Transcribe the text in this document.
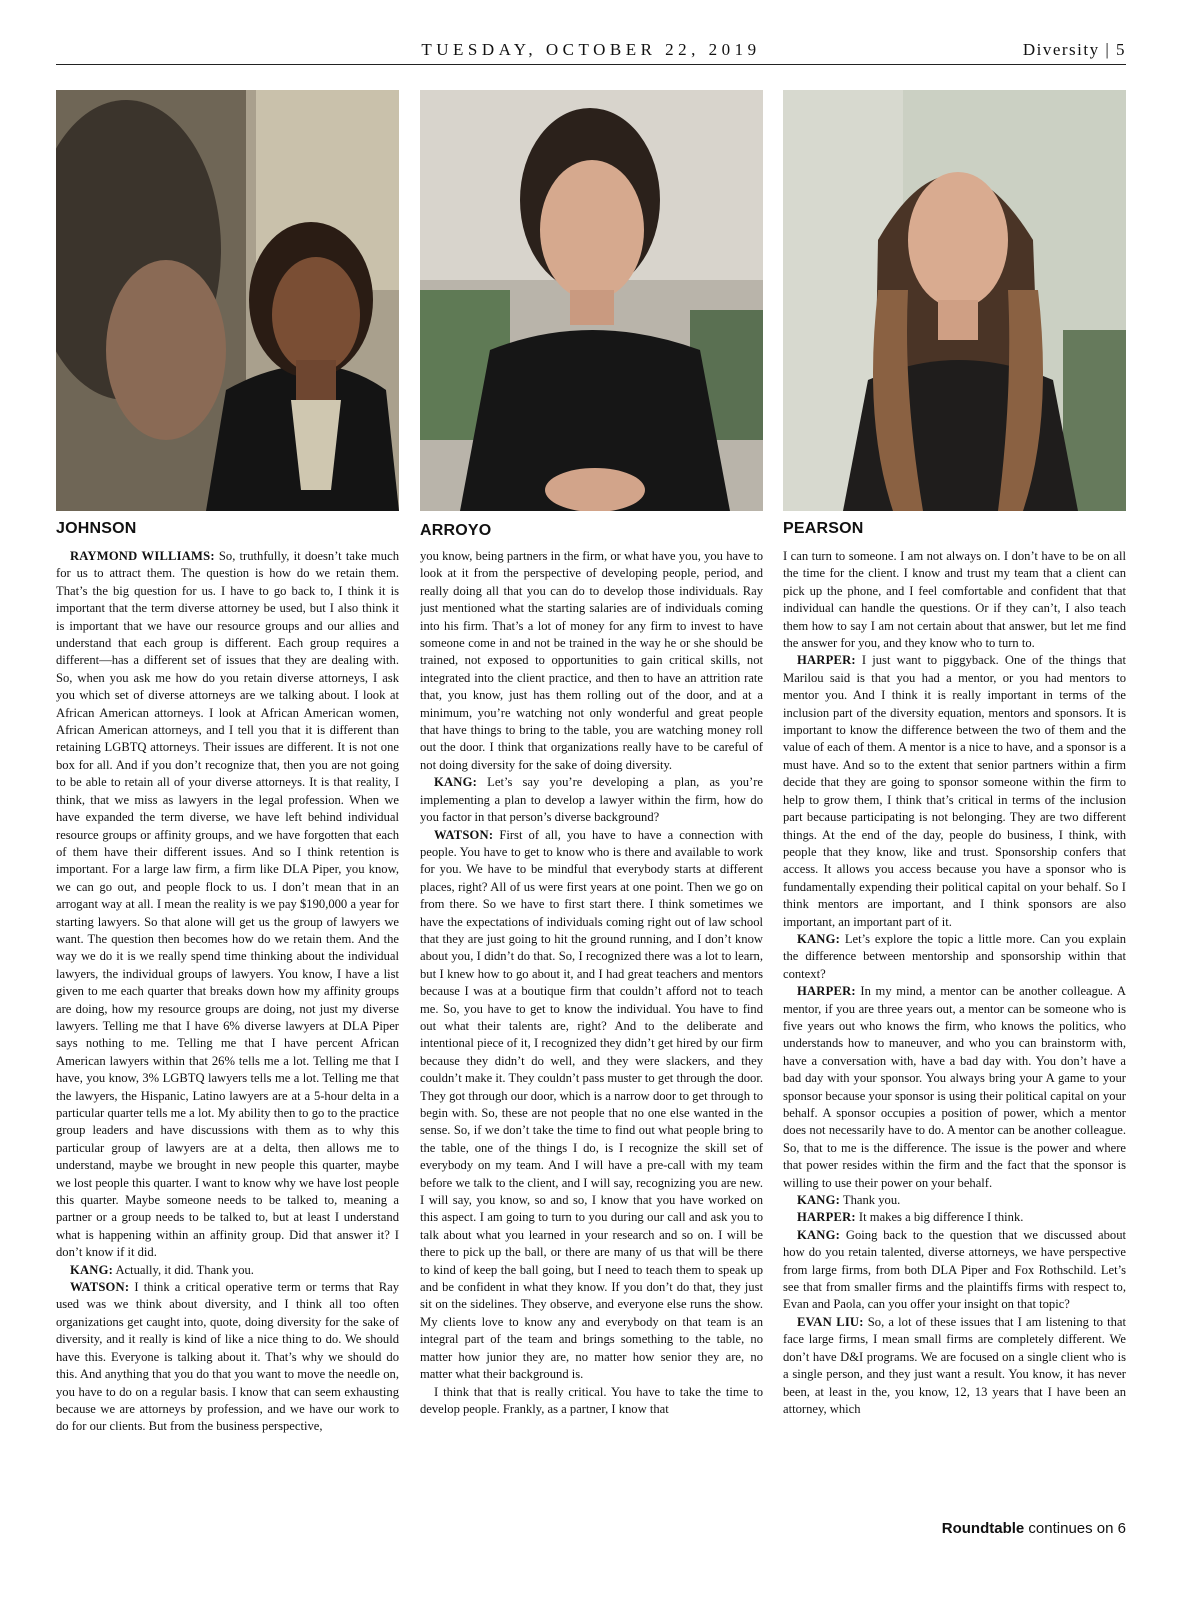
TUESDAY, OCTOBER 22, 2019	Diversity | 5
JOHNSON	ARROYO	PEARSON

RAYMOND WILLIAMS: So, truthfully, it doesn’t take much for us to attract them. The question is how do we retain them. That’s the big question for us. I have to go back to, I think it is important that the term diverse attorney be used, but I also think it is important that we have our resource groups and our allies and understand that each group is different. Each group requires a different—has a different set of issues that they are dealing with. So, when you ask me how do you retain diverse attorneys, I ask you which set of diverse attorneys are we talking about. I look at African American attorneys. I look at African American women, African American attorneys, and I tell you that it is different than retaining LGBTQ attorneys. Their issues are different. It is not one box for all. And if you don’t recognize that, then you are not going to be able to retain all of your diverse attorneys. It is that reality, I think, that we miss as lawyers in the legal profession. When we have expanded the term diverse, we have left behind individual resource groups or affinity groups, and we have forgotten that each of them have their different issues. And so I think retention is important. For a large law firm, a firm like DLA Piper, you know, we can go out, and people flock to us. I don’t mean that in an arrogant way at all. I mean the reality is we pay $190,000 a year for starting lawyers. So that alone will get us the group of lawyers we want. The question then becomes how do we retain them. And the way we do it is we really spend time thinking about the individual lawyers, the individual groups of lawyers. You know, I have a list given to me each quarter that breaks down how my affinity groups are doing, how my resource groups are doing, not just my diverse lawyers. Telling me that I have 6% diverse lawyers at DLA Piper says nothing to me. Telling me that I have percent African American lawyers within that 26% tells me a lot. Telling me that I have, you know, 3% LGBTQ lawyers tells me a lot. Telling me that the lawyers, the Hispanic, Latino lawyers are at a 5-hour delta in a particular quarter tells me a lot. My ability then to go to the practice group leaders and have discussions with them as to why this particular group of lawyers are at a delta, then allows me to understand, maybe we brought in new people this quarter, maybe we lost people this quarter. I want to know why we have lost people this quarter. Maybe someone needs to be talked to, meaning a partner or a group needs to be talked to, but at least I understand what is happening within an affinity group. Did that answer it? I don’t know if it did.

KANG: Actually, it did. Thank you.

WATSON: I think a critical operative term or terms that Ray used was we think about diversity, and I think all too often organizations get caught into, quote, doing diversity for the sake of diversity, and it really is kind of like a nice thing to do. We should have this. Everyone is talking about it. That’s why we should do this. And anything that you do that you want to move the needle on, you have to do on a regular basis. I know that can seem exhausting because we are attorneys by profession, and we have our work to do for our clients. But from the business perspective,

you know, being partners in the firm, or what have you, you have to look at it from the perspective of developing people, period, and really doing all that you can do to develop those individuals. Ray just mentioned what the starting salaries are of individuals coming into his firm. That’s a lot of money for any firm to invest to have someone come in and not be trained in the way he or she should be trained, not exposed to opportunities to gain critical skills, not integrated into the client practice, and then to have an attrition rate that, you know, just has them rolling out of the door, and at a minimum, you’re watching not only wonderful and great people that have things to bring to the table, you are watching money roll out the door. I think that organizations really have to be careful of not doing diversity for the sake of doing diversity.

KANG: Let’s say you’re developing a plan, as you’re implementing a plan to develop a lawyer within the firm, how do you factor in that person’s diverse background?

WATSON: First of all, you have to have a connection with people. You have to get to know who is there and available to work for you. We have to be mindful that everybody starts at different places, right? All of us were first years at one point. Then we go on from there. So we have to first start there. I think sometimes we have the expectations of individuals coming right out of law school that they are just going to hit the ground running, and I don’t know about you, I didn’t do that. So, I recognized there was a lot to learn, but I knew how to go about it, and I had great teachers and mentors because I was at a boutique firm that couldn’t afford not to teach me. So, you have to get to know the individual. You have to find out what their talents are, right? And to the deliberate and intentional piece of it, I recognized they didn’t get hired by our firm because they didn’t do well, and they were slackers, and they couldn’t make it. They couldn’t pass muster to get through the door. They got through our door, which is a narrow door to get through to begin with. So, these are not people that no one else wanted in the sense. So, if we don’t take the time to find out what people bring to the table, one of the things I do, is I recognize the skill set of everybody on my team. And I will have a pre-call with my team before we talk to the client, and I will say, recognizing you are new. I will say, you know, so and so, I know that you have worked on this aspect. I am going to turn to you during our call and ask you to talk about what you learned in your research and so on. I will be there to pick up the ball, or there are many of us that will be there to kind of keep the ball going, but I need to teach them to speak up and be confident in what they know. If you don’t do that, they just sit on the sidelines. They observe, and everyone else runs the show. My clients love to know any and everybody on that team is an integral part of the team and brings something to the table, no matter how junior they are, no matter how senior they are, no matter what their background is.

I think that that is really critical. You have to take the time to develop people. Frankly, as a partner, I know that

I can turn to someone. I am not always on. I don’t have to be on all the time for the client. I know and trust my team that a client can pick up the phone, and I feel comfortable and confident that that individual can handle the questions. Or if they can’t, I also teach them how to say I am not certain about that answer, but let me find the answer for you, and they know who to turn to.

HARPER: I just want to piggyback. One of the things that Marilou said is that you had a mentor, or you had mentors to mentor you. And I think it is really important in terms of the inclusion part of the diversity equation, mentors and sponsors. It is important to know the difference between the two of them and the value of each of them. A mentor is a nice to have, and a sponsor is a must have. And so to the extent that senior partners within a firm decide that they are going to sponsor someone within the firm to help to grow them, I think that’s critical in terms of the inclusion part because participating is not belonging. They are two different things. At the end of the day, people do business, I think, with people that they know, like and trust. Sponsorship confers that access. It allows you access because you have a sponsor who is fundamentally expending their political capital on your behalf. So I think mentors are important, and I think sponsors are also important, an important part of it.

KANG: Let’s explore the topic a little more. Can you explain the difference between mentorship and sponsorship within that context?

HARPER: In my mind, a mentor can be another colleague. A mentor, if you are three years out, a mentor can be someone who is five years out who knows the firm, who knows the politics, who understands how to maneuver, and who you can brainstorm with, have a conversation with, have a bad day with. You don’t have a bad day with your sponsor. You always bring your A game to your sponsor because your sponsor is using their political capital on your behalf. A sponsor occupies a position of power, which a mentor does not necessarily have to do. A mentor can be another colleague. So, that to me is the difference. The issue is the power and where that power resides within the firm and the fact that the sponsor is willing to use their power on your behalf.

KANG: Thank you.

HARPER: It makes a big difference I think.

KANG: Going back to the question that we discussed about how do you retain talented, diverse attorneys, we have perspective from large firms, from both DLA Piper and Fox Rothschild. Let’s see that from smaller firms and the plaintiffs firms with respect to, Evan and Paola, can you offer your insight on that topic?

EVAN LIU: So, a lot of these issues that I am listening to that face large firms, I mean small firms are completely different. We don’t have D&I programs. We are focused on a single client who is a single person, and they just want a result. You know, it has never been, at least in the, you know, 12, 13 years that I have been an attorney, which

Roundtable continues on 6
